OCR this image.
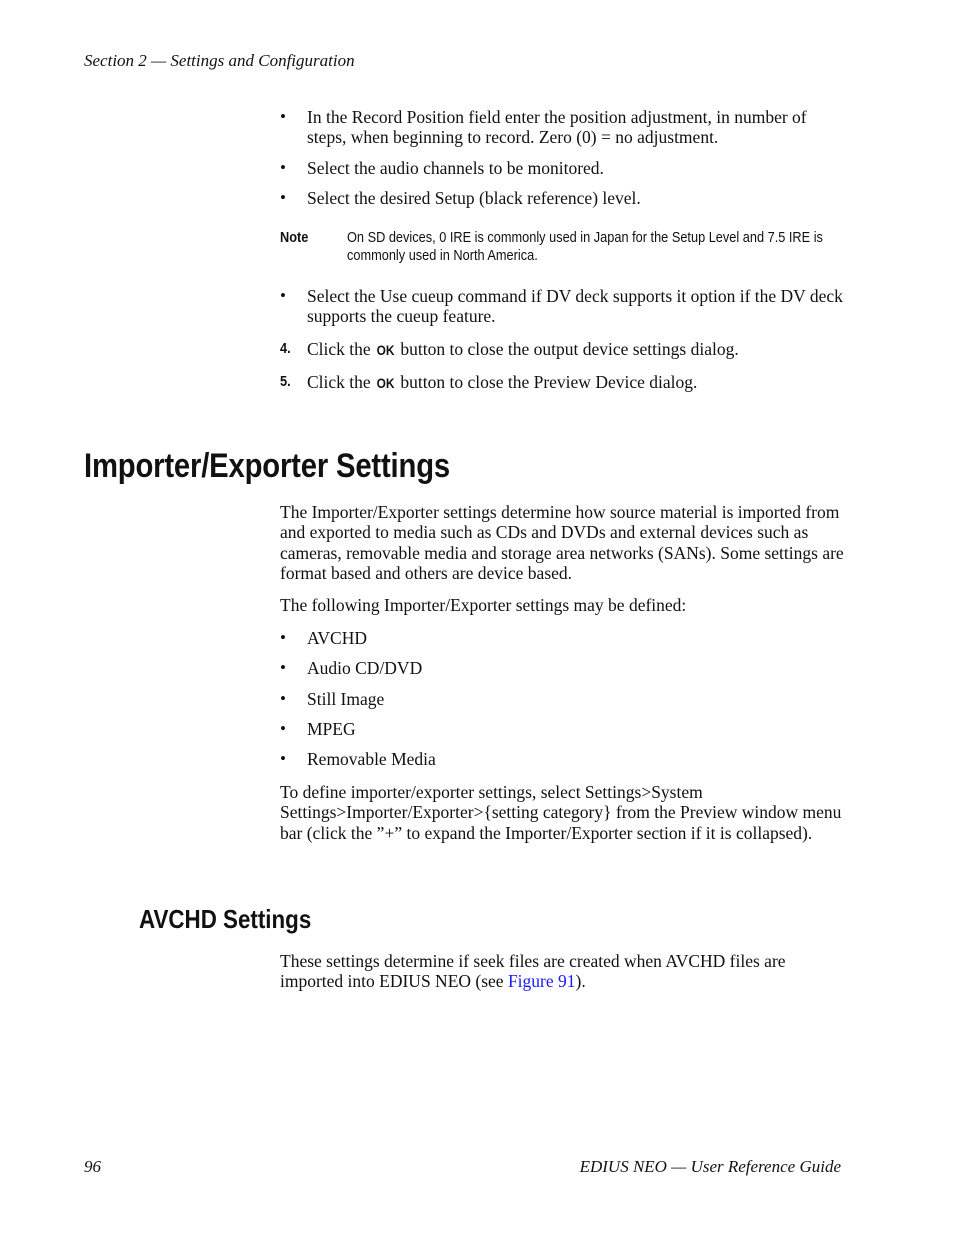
Section 2 — Settings and Configuration
• In the Record Position field enter the position adjustment, in number of steps, when beginning to record. Zero (0) = no adjustment.
• Select the audio channels to be monitored.
• Select the desired Setup (black reference) level.
Note	On SD devices, 0 IRE is commonly used in Japan for the Setup Level and 7.5 IRE is commonly used in North America.
• Select the Use cueup command if DV deck supports it option if the DV deck supports the cueup feature.
4. Click the OK button to close the output device settings dialog.
5. Click the OK button to close the Preview Device dialog.
Importer/Exporter Settings
The Importer/Exporter settings determine how source material is imported from and exported to media such as CDs and DVDs and external devices such as cameras, removable media and storage area networks (SANs). Some settings are format based and others are device based.
The following Importer/Exporter settings may be defined:
• AVCHD
• Audio CD/DVD
• Still Image
• MPEG
• Removable Media
To define importer/exporter settings, select Settings>System Settings>Importer/Exporter>{setting category} from the Preview window menu bar (click the ”+” to expand the Importer/Exporter section if it is collapsed).
AVCHD Settings
These settings determine if seek files are created when AVCHD files are imported into EDIUS NEO (see Figure 91).
96	EDIUS NEO — User Reference Guide
